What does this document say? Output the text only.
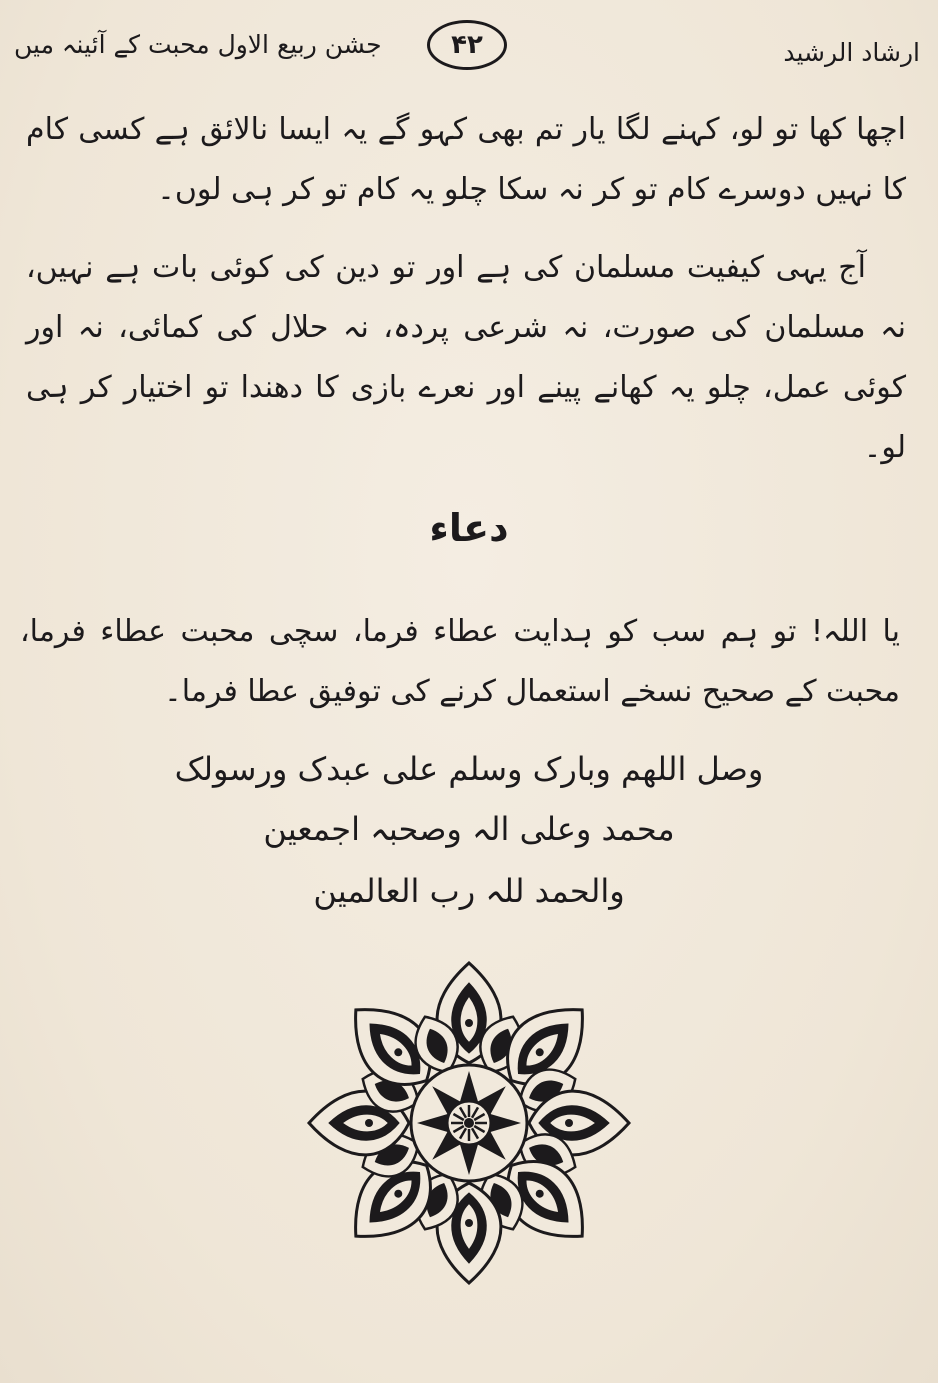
جشن ربیع الاول محبت کے آئینہ میں	۴۲	ارشاد الرشید
اچھا کھا تو لو، کہنے لگا یار تم بھی کہو گے یہ ایسا نالائق ہے کسی کام کا نہیں دوسرے کام تو کر نہ سکا چلو یہ کام تو کر ہی لوں۔
آج یہی کیفیت مسلمان کی ہے اور تو دین کی کوئی بات ہے نہیں، نہ مسلمان کی صورت، نہ شرعی پردہ، نہ حلال کی کمائی، نہ اور کوئی عمل، چلو یہ کھانے پینے اور نعرے بازی کا دھندا تو اختیار کر ہی لو۔
دعاء
یا اللہ! تو ہم سب کو ہدایت عطاء فرما، سچی محبت عطاء فرما، محبت کے صحیح نسخے استعمال کرنے کی توفیق عطا فرما۔
وصل اللھم وبارک وسلم علی عبدک ورسولک
محمد وعلی الہ وصحبہ اجمعین
والحمد للہ رب العالمین
